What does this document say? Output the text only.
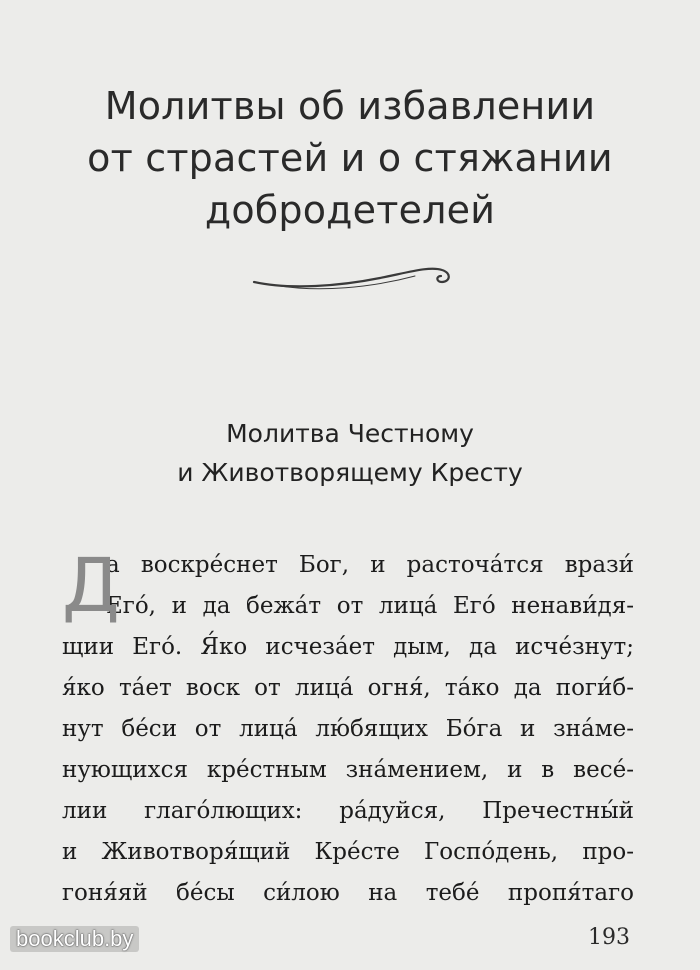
Молитвы об избавлении
от страстей и о стяжании
добродетелей
Молитва Честному
и Животворящему Кресту
Д
а воскре́снет Бог, и расточа́тся врази́
Его́, и да бежа́т от лица́ Его́ ненави́дя-
щии Его́. Я́ко исчеза́ет дым, да исче́знут;
я́ко та́ет воск от лица́ огня́, та́ко да поги́б-
нут бе́си от лица́ лю́бящих Бо́га и зна́ме-
нующихся кре́стным зна́мением, и в весе́-
лии глаго́лющих: ра́дуйся, Пречестны́й
и Животворя́щий Кре́сте Госпо́день, про-
гоня́яй бе́сы си́лою на тебе́ пропя́таго
193
bookclub.by
